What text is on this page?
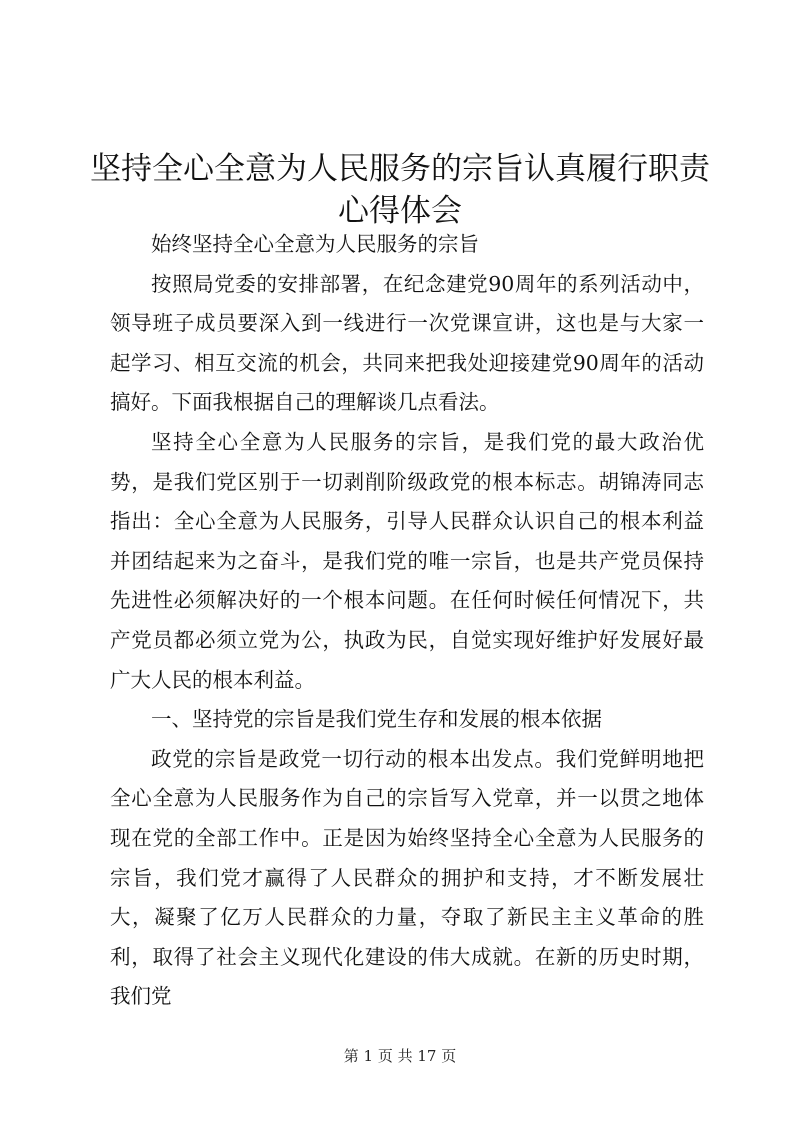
坚持全心全意为人民服务的宗旨认真履行职责
心得体会

始终坚持全心全意为人民服务的宗旨

按照局党委的安排部署，在纪念建党90周年的系列活动中，领导班子成员要深入到一线进行一次党课宣讲，这也是与大家一起学习、相互交流的机会，共同来把我处迎接建党90周年的活动搞好。下面我根据自己的理解谈几点看法。

坚持全心全意为人民服务的宗旨，是我们党的最大政治优势，是我们党区别于一切剥削阶级政党的根本标志。胡锦涛同志指出：全心全意为人民服务，引导人民群众认识自己的根本利益并团结起来为之奋斗，是我们党的唯一宗旨，也是共产党员保持先进性必须解决好的一个根本问题。在任何时候任何情况下，共产党员都必须立党为公，执政为民，自觉实现好维护好发展好最广大人民的根本利益。

一、坚持党的宗旨是我们党生存和发展的根本依据

政党的宗旨是政党一切行动的根本出发点。我们党鲜明地把全心全意为人民服务作为自己的宗旨写入党章，并一以贯之地体现在党的全部工作中。正是因为始终坚持全心全意为人民服务的宗旨，我们党才赢得了人民群众的拥护和支持，才不断发展壮大，凝聚了亿万人民群众的力量，夺取了新民主主义革命的胜利，取得了社会主义现代化建设的伟大成就。在新的历史时期，我们党

第 1 页 共 17 页
